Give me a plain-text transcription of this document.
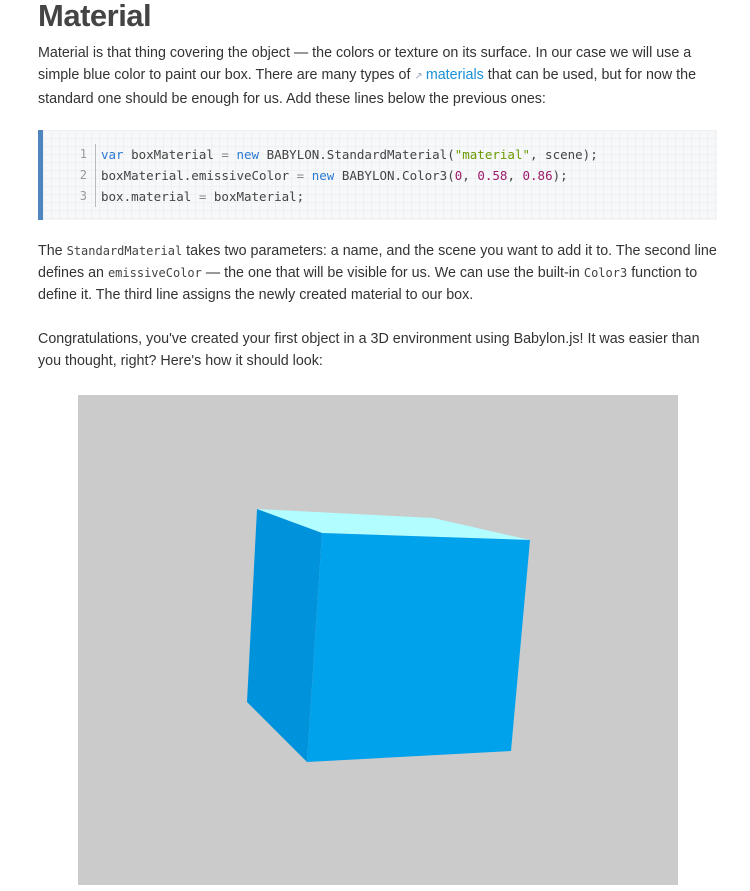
Material

Material is that thing covering the object — the colors or texture on its surface. In our case we will use a simple blue color to paint our box. There are many types of ↗ materials that can be used, but for now the standard one should be enough for us. Add these lines below the previous ones:

1
2
3
var boxMaterial = new BABYLON.StandardMaterial("material", scene);
boxMaterial.emissiveColor = new BABYLON.Color3(0, 0.58, 0.86);
box.material = boxMaterial;

The StandardMaterial takes two parameters: a name, and the scene you want to add it to. The second line defines an emissiveColor — the one that will be visible for us. We can use the built-in Color3 function to define it. The third line assigns the newly created material to our box.

Congratulations, you've created your first object in a 3D environment using Babylon.js! It was easier than you thought, right? Here's how it should look:
